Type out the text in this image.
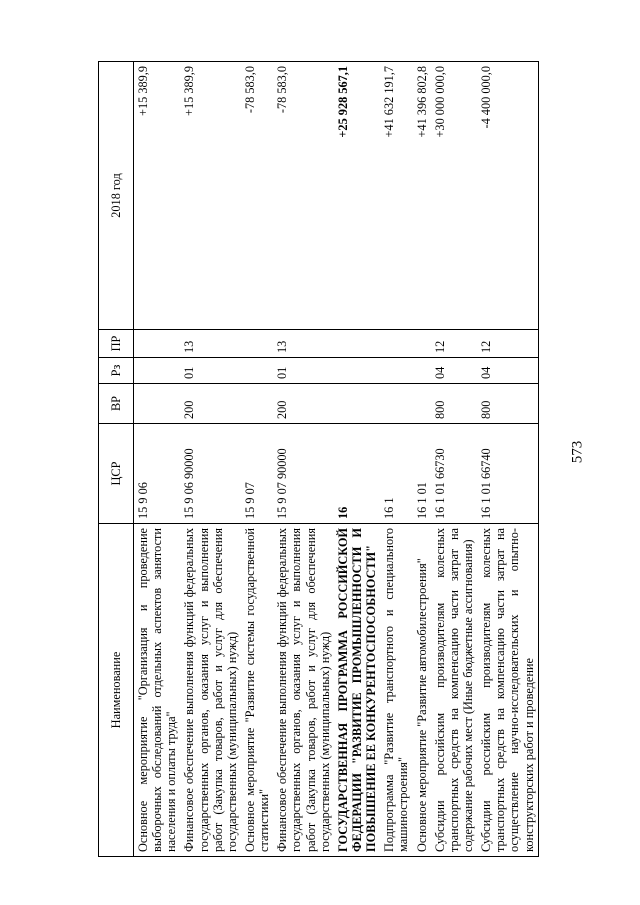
573
Наименование	ЦСР	ВР	Рз	ПР	2018 год
Основное мероприятие "Организация и проведение выборочных обследований отдельных аспектов занятости населения и оплаты труда"	15 9 06				+15 389,9
Финансовое обеспечение выполнения функций федеральных государственных органов, оказания услуг и выполнения работ (Закупка товаров, работ и услуг для обеспечения государственных (муниципальных) нужд)	15 9 06 90000	200	01	13	+15 389,9
Основное мероприятие "Развитие системы государственной статистики"	15 9 07				-78 583,0
Финансовое обеспечение выполнения функций федеральных государственных органов, оказания услуг и выполнения работ (Закупка товаров, работ и услуг для обеспечения государственных (муниципальных) нужд)	15 9 07 90000	200	01	13	-78 583,0
ГОСУДАРСТВЕННАЯ ПРОГРАММА РОССИЙСКОЙ ФЕДЕРАЦИИ "РАЗВИТИЕ ПРОМЫШЛЕННОСТИ И ПОВЫШЕНИЕ ЕЕ КОНКУРЕНТОСПОСОБНОСТИ"	16				+25 928 567,1
Подпрограмма "Развитие транспортного и специального машиностроения"	16 1				+41 632 191,7
Основное мероприятие "Развитие автомобилестроения"	16 1 01				+41 396 802,8
Субсидии российским производителям колесных транспортных средств на компенсацию части затрат на содержание рабочих мест (Иные бюджетные ассигнования)	16 1 01 66730	800	04	12	+30 000 000,0
Субсидии российским производителям колесных транспортных средств на компенсацию части затрат на осуществление научно-исследовательских и опытно-конструкторских работ и проведение	16 1 01 66740	800	04	12	-4 400 000,0
